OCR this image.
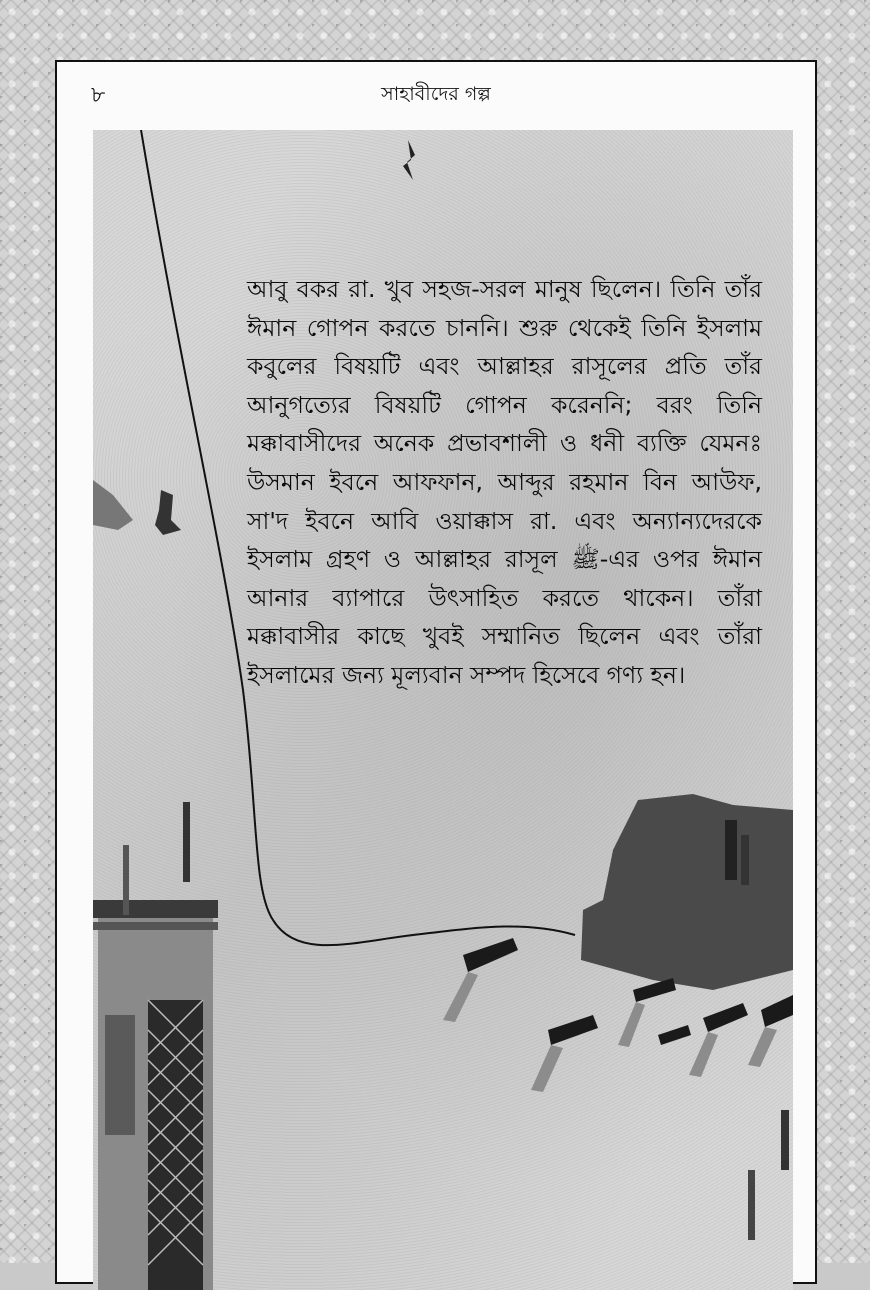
৮	সাহাবীদের গল্প

আবু বকর রা. খুব সহজ-সরল মানুষ ছিলেন। তিনি তাঁর ঈমান গোপন করতে চাননি। শুরু থেকেই তিনি ইসলাম কবুলের বিষয়টি এবং আল্লাহর রাসূলের প্রতি তাঁর আনুগত্যের বিষয়টি গোপন করেননি; বরং তিনি মক্কাবাসীদের অনেক প্রভাবশালী ও ধনী ব্যক্তি যেমনঃ উসমান ইবনে আফফান, আব্দুর রহমান বিন আউফ, সা'দ ইবনে আবি ওয়াক্কাস রা. এবং অন্যান্যদেরকে ইসলাম গ্রহণ ও আল্লাহর রাসূল ﷺ-এর ওপর ঈমান আনার ব্যাপারে উৎসাহিত করতে থাকেন। তাঁরা মক্কাবাসীর কাছে খুবই সম্মানিত ছিলেন এবং তাঁরা ইসলামের জন্য মূল্যবান সম্পদ হিসেবে গণ্য হন।
